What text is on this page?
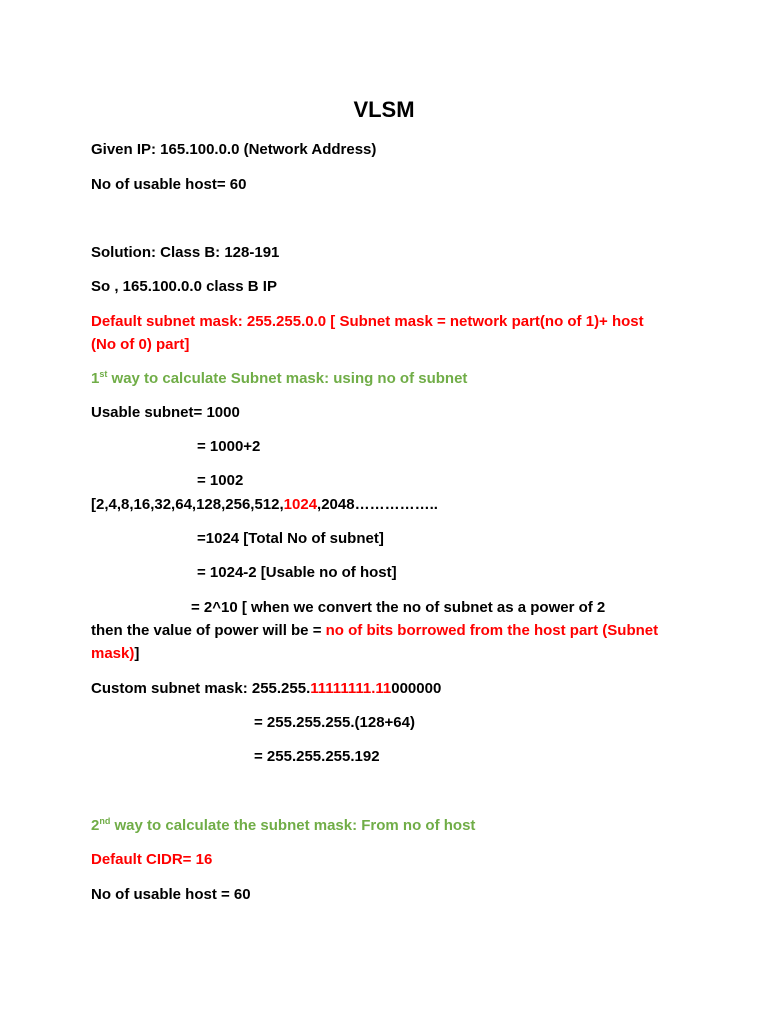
VLSM
Given IP: 165.100.0.0 (Network Address)
No of usable host= 60
Solution: Class B: 128-191
So , 165.100.0.0 class B IP
Default subnet mask: 255.255.0.0 [ Subnet mask = network part(no of 1)+ host
(No of 0) part]
1st way to calculate Subnet mask: using no of subnet
Usable subnet= 1000
= 1000+2
= 1002
[2,4,8,16,32,64,128,256,512,1024,2048……………..
=1024 [Total No of subnet]
= 1024-2 [Usable no of host]
= 2^10 [ when we convert the no of subnet as a power of 2
then the value of power will be = no of bits borrowed from the host part (Subnet
mask)]
Custom subnet mask: 255.255.11111111.11000000
= 255.255.255.(128+64)
= 255.255.255.192
2nd way to calculate the subnet mask: From no of host
Default CIDR= 16
No of usable host = 60
